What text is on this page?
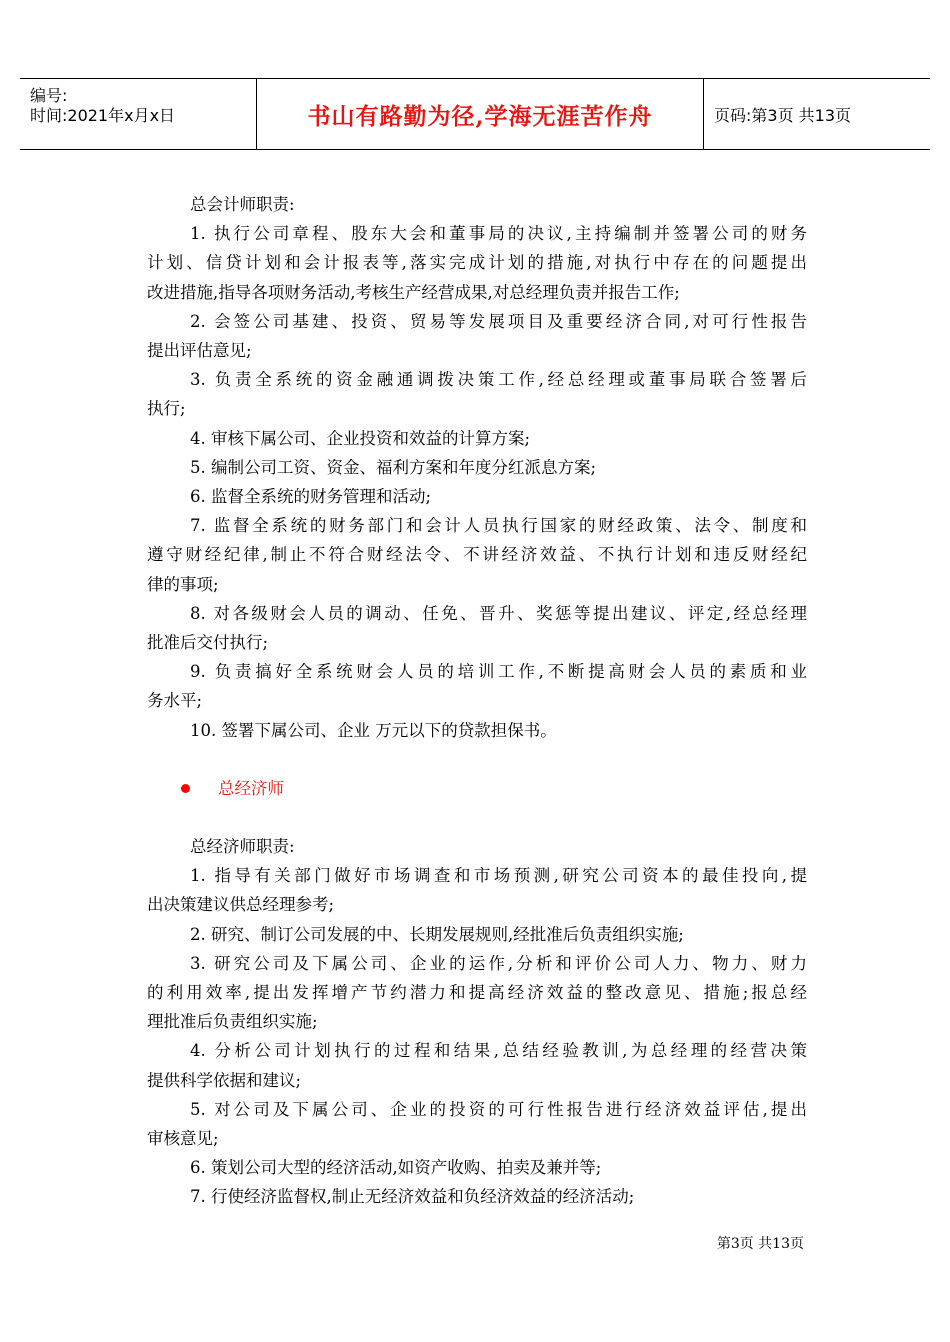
编号:
时间:2021年x月x日	书山有路勤为径,学海无涯苦作舟	页码:第3页 共13页
总会计师职责:
1. 执行公司章程、股东大会和董事局的决议,主持编制并签署公司的财务
计划、信贷计划和会计报表等,落实完成计划的措施,对执行中存在的问题提出
改进措施,指导各项财务活动,考核生产经营成果,对总经理负责并报告工作;
2. 会签公司基建、投资、贸易等发展项目及重要经济合同,对可行性报告
提出评估意见;
3. 负责全系统的资金融通调拨决策工作,经总经理或董事局联合签署后
执行;
4. 审核下属公司、企业投资和效益的计算方案;
5. 编制公司工资、资金、福利方案和年度分红派息方案;
6. 监督全系统的财务管理和活动;
7. 监督全系统的财务部门和会计人员执行国家的财经政策、法令、制度和
遵守财经纪律,制止不符合财经法令、不讲经济效益、不执行计划和违反财经纪
律的事项;
8. 对各级财会人员的调动、任免、晋升、奖惩等提出建议、评定,经总经理
批准后交付执行;
9. 负责搞好全系统财会人员的培训工作,不断提高财会人员的素质和业
务水平;
10. 签署下属公司、企业 万元以下的贷款担保书。
总经济师
总经济师职责:
1. 指导有关部门做好市场调查和市场预测,研究公司资本的最佳投向,提
出决策建议供总经理参考;
2. 研究、制订公司发展的中、长期发展规则,经批准后负责组织实施;
3. 研究公司及下属公司、企业的运作,分析和评价公司人力、物力、财力
的利用效率,提出发挥增产节约潜力和提高经济效益的整改意见、措施;报总经
理批准后负责组织实施;
4. 分析公司计划执行的过程和结果,总结经验教训,为总经理的经营决策
提供科学依据和建议;
5. 对公司及下属公司、企业的投资的可行性报告进行经济效益评估,提出
审核意见;
6. 策划公司大型的经济活动,如资产收购、拍卖及兼并等;
7. 行使经济监督权,制止无经济效益和负经济效益的经济活动;
第3页 共13页
